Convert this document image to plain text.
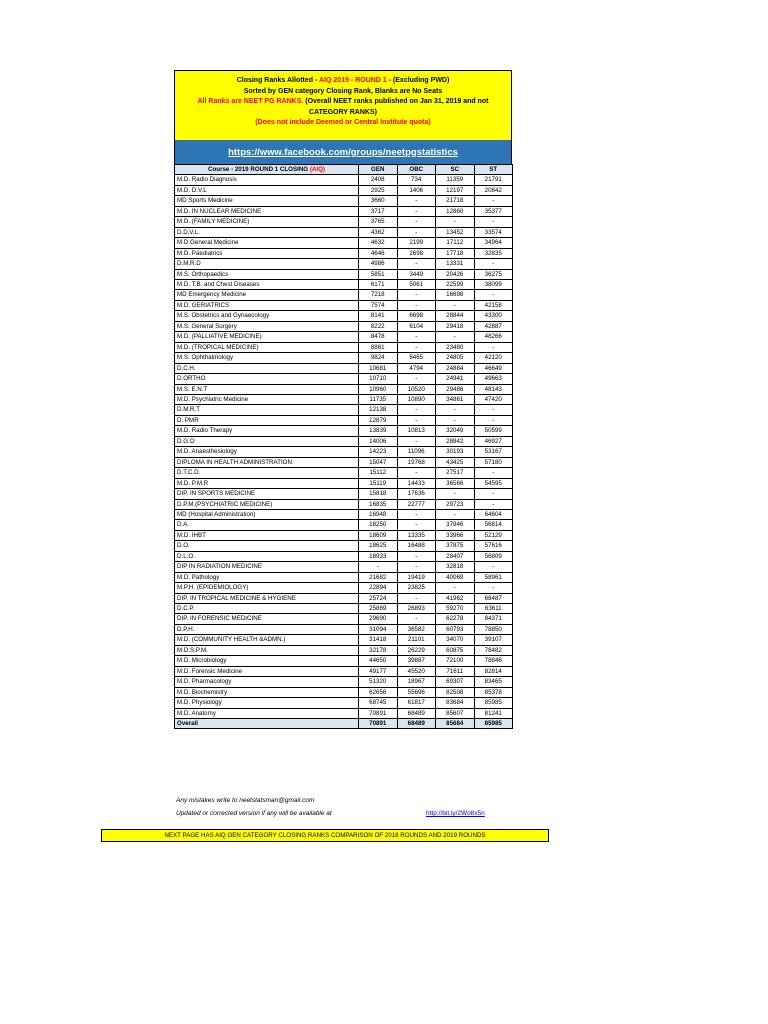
Closing Ranks Allotted - AIQ 2019 - ROUND 1 - (Excluding PWD)
Sorted by GEN category Closing Rank, Blanks are No Seats
All Ranks are NEET PG RANKS. (Overall NEET ranks published on Jan 31, 2019 and not
CATEGORY RANKS)
(Does not include Deemed or Central Institute quota)
https://www.facebook.com/groups/neetpgstatistics
Course - 2019 ROUND 1 CLOSING (AIQ)	GEN	OBC	SC	ST
M.D. Radio Diagnosis	2408	734	11359	21791
M.D. D.V.L	2925	1406	12197	20842
MD Sports Medicine	3660	-	21718	-
M.D. IN NUCLEAR MEDICINE	3717	-	12860	35377
M.D. (FAMILY MEDICINE)	3765	-	-	-
D.D.V.L.	4362	-	13452	33574
M.D.General Medicine	4632	2199	17112	34964
M.D. Paediatrics	4646	2698	17718	32835
D.M.R.D	4986	-	13331	-
M.S. Orthopaedics	5851	3449	20426	36275
M.D. T.B. and Chest Diseases	6171	5061	22599	38099
MD Emergency Medicine	7218	-	16698	-
M.D. GERIATRICS	7574	-	-	42158
M.S. Obstetrics and Gynaecology	8141	6698	28844	43300
M.S. General Surgery	8222	6104	29418	42887
M.D. (PALLIATIVE MEDICINE)	8478	-	-	48266
M.D. (TROPICAL MEDICINE)	8861	-	23480	-
M.S. Ophthalmology	9824	8465	24805	42120
D.C.H.	10681	4794	24884	46649
D.ORTHO	10710	-	24941	49663
M.S. E.N.T	10960	10520	29486	48143
M.D. Psychiatric Medicine	11735	10890	34861	47420
D.M.R.T	12138	-	-	-
D. PMR	12879	-	-	-
M.D. Radio Therapy	13839	10813	32049	50599
D.G.O	14006	-	28842	46927
M.D. Anaesthesiology	14223	11096	30193	53167
DIPLOMA IN HEALTH ADMINISTRATION	15047	19768	43425	57180
D.T.C.D.	15112	-	27517	-
M.D. P.M.R	15119	14433	36566	54595
DIP. IN SPORTS MEDICINE	15818	17636	-	-
D.P.M.(PSYCHIATRIC MEDICINE)	16835	22777	29723	-
MD (Hospital Administration)	16948	-	-	64604
D.A.	18250	-	37946	56814
M.D. IHBT	18609	13335	33966	52129
D.O.	18625	16488	37875	57616
D.L.O.	18933	-	28407	56809
DIP IN RADIATION MEDICINE	-	-	32818	-
M.D. Pathology	21682	19419	40069	58961
M.P.H. (EPIDEMIOLOGY)	22894	23825	-	-
DIP. IN TROPICAL MEDICINE & HYGIENE	25724	-	41962	68487
D.C.P.	25869	26893	59270	63611
DIP. IN FORENSIC MEDICINE	29690	-	62278	84371
D.P.H.	31094	36582	60793	78850
M.D. (COMMUNITY HEALTH &ADMN.)	31418	21101	34070	39107
M.D.S.P.M.	32178	26229	60875	78482
M.D. Microbiology	44650	39887	72100	78846
M.D. Forensic Medicine	49177	45520	71611	82814
M.D. Pharmacology	51320	18967	69307	83465
M.D. Biochemistry	62656	55696	82508	85378
M.D. Physiology	68745	61817	83684	85985
M.D. Anatomy	70891	68489	85607	81241
Overall	70891	68489	85684	85985
Any mistakes write to neetstatsman@gmail.com
Updated or corrected version if any will be available at	http://bit.ly/2Wo8x5n
NEXT PAGE HAS AIQ GEN CATEGORY CLOSING RANKS COMPARISON OF 2018 ROUNDS AND 2019 ROUNDS
